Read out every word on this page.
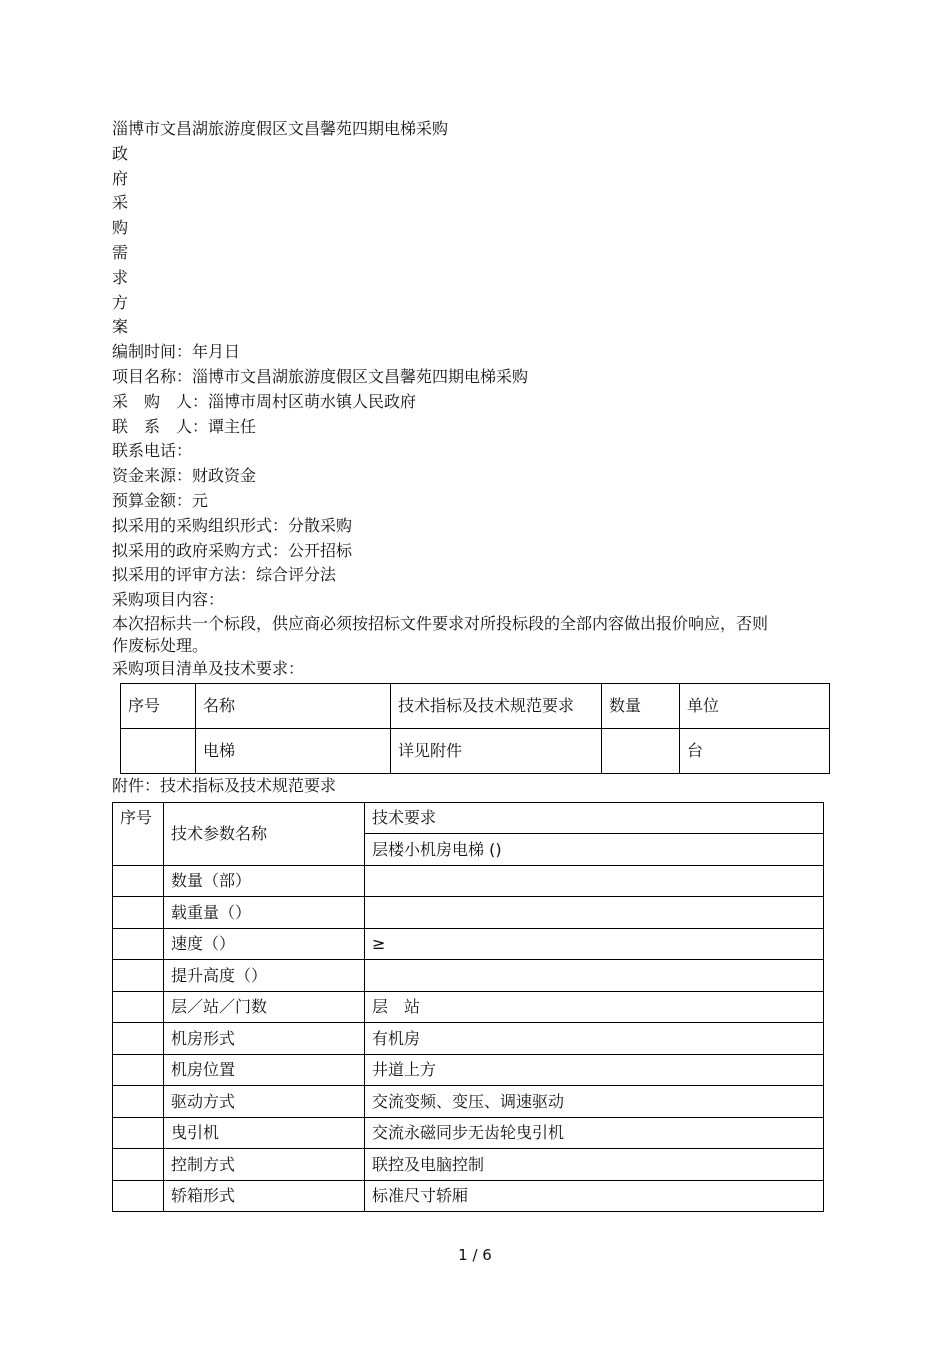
淄博市文昌湖旅游度假区文昌馨苑四期电梯采购
政
府
采
购
需
求
方
案
编制时间：年月日
项目名称：淄博市文昌湖旅游度假区文昌馨苑四期电梯采购
采　购　人：淄博市周村区萌水镇人民政府
联　系　人：谭主任
联系电话：
资金来源：财政资金
预算金额：元
拟采用的采购组织形式：分散采购
拟采用的政府采购方式：公开招标
拟采用的评审方法：综合评分法
采购项目内容：
本次招标共一个标段，供应商必须按招标文件要求对所投标段的全部内容做出报价响应，否则作废标处理。
采购项目清单及技术要求：
序号	名称	技术指标及技术规范要求	数量	单位
	电梯	详见附件		台
附件：技术指标及技术规范要求
序号	技术参数名称	技术要求
		层楼小机房电梯 ()
	数量（部）	
	载重量（）	
	速度（）	≥
	提升高度（）	
	层／站／门数	层　站
	机房形式	有机房
	机房位置	井道上方
	驱动方式	交流变频、变压、调速驱动
	曳引机	交流永磁同步无齿轮曳引机
	控制方式	联控及电脑控制
	轿箱形式	标准尺寸轿厢
1 / 6
